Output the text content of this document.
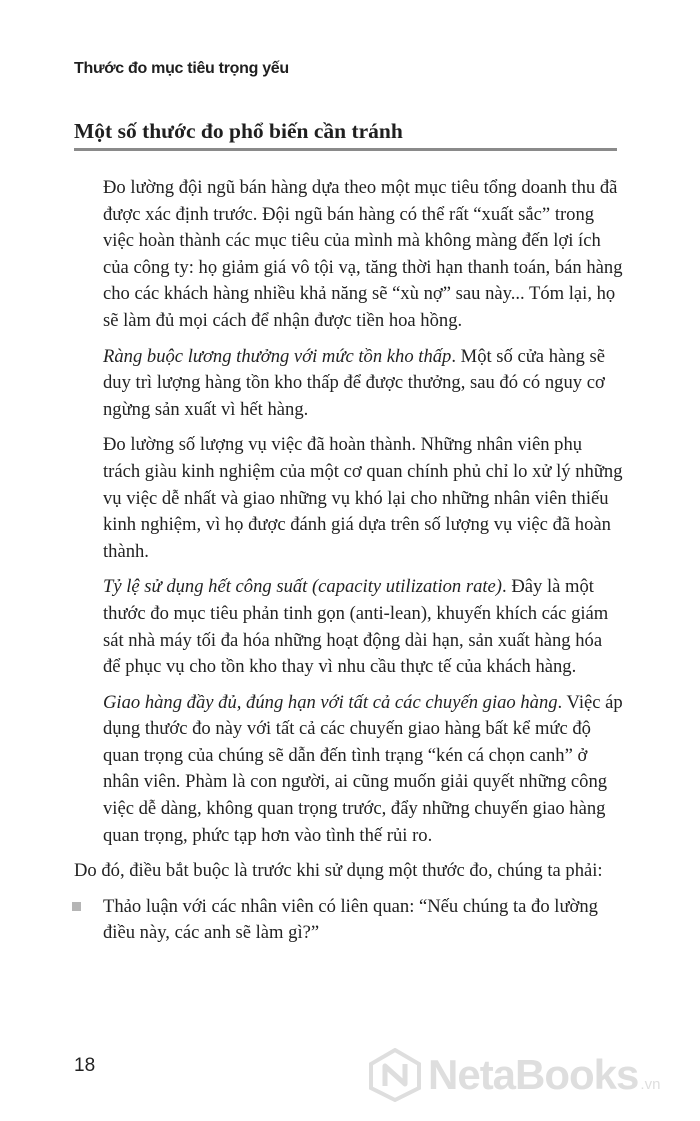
Thước đo mục tiêu trọng yếu
Một số thước đo phổ biến cần tránh

Đo lường đội ngũ bán hàng dựa theo một mục tiêu tổng doanh thu đã được xác định trước. Đội ngũ bán hàng có thể rất “xuất sắc” trong việc hoàn thành các mục tiêu của mình mà không màng đến lợi ích của công ty: họ giảm giá vô tội vạ, tăng thời hạn thanh toán, bán hàng cho các khách hàng nhiều khả năng sẽ “xù nợ” sau này... Tóm lại, họ sẽ làm đủ mọi cách để nhận được tiền hoa hồng.

Ràng buộc lương thưởng với mức tồn kho thấp. Một số cửa hàng sẽ duy trì lượng hàng tồn kho thấp để được thưởng, sau đó có nguy cơ ngừng sản xuất vì hết hàng.

Đo lường số lượng vụ việc đã hoàn thành. Những nhân viên phụ trách giàu kinh nghiệm của một cơ quan chính phủ chỉ lo xử lý những vụ việc dễ nhất và giao những vụ khó lại cho những nhân viên thiếu kinh nghiệm, vì họ được đánh giá dựa trên số lượng vụ việc đã hoàn thành.

Tỷ lệ sử dụng hết công suất (capacity utilization rate). Đây là một thước đo mục tiêu phản tinh gọn (anti-lean), khuyến khích các giám sát nhà máy tối đa hóa những hoạt động dài hạn, sản xuất hàng hóa để phục vụ cho tồn kho thay vì nhu cầu thực tế của khách hàng.

Giao hàng đầy đủ, đúng hạn với tất cả các chuyến giao hàng. Việc áp dụng thước đo này với tất cả các chuyến giao hàng bất kể mức độ quan trọng của chúng sẽ dẫn đến tình trạng “kén cá chọn canh” ở nhân viên. Phàm là con người, ai cũng muốn giải quyết những công việc dễ dàng, không quan trọng trước, đẩy những chuyến giao hàng quan trọng, phức tạp hơn vào tình thế rủi ro.

Do đó, điều bắt buộc là trước khi sử dụng một thước đo, chúng ta phải:

Thảo luận với các nhân viên có liên quan: “Nếu chúng ta đo lường điều này, các anh sẽ làm gì?”

18	NetaBooks .vn
